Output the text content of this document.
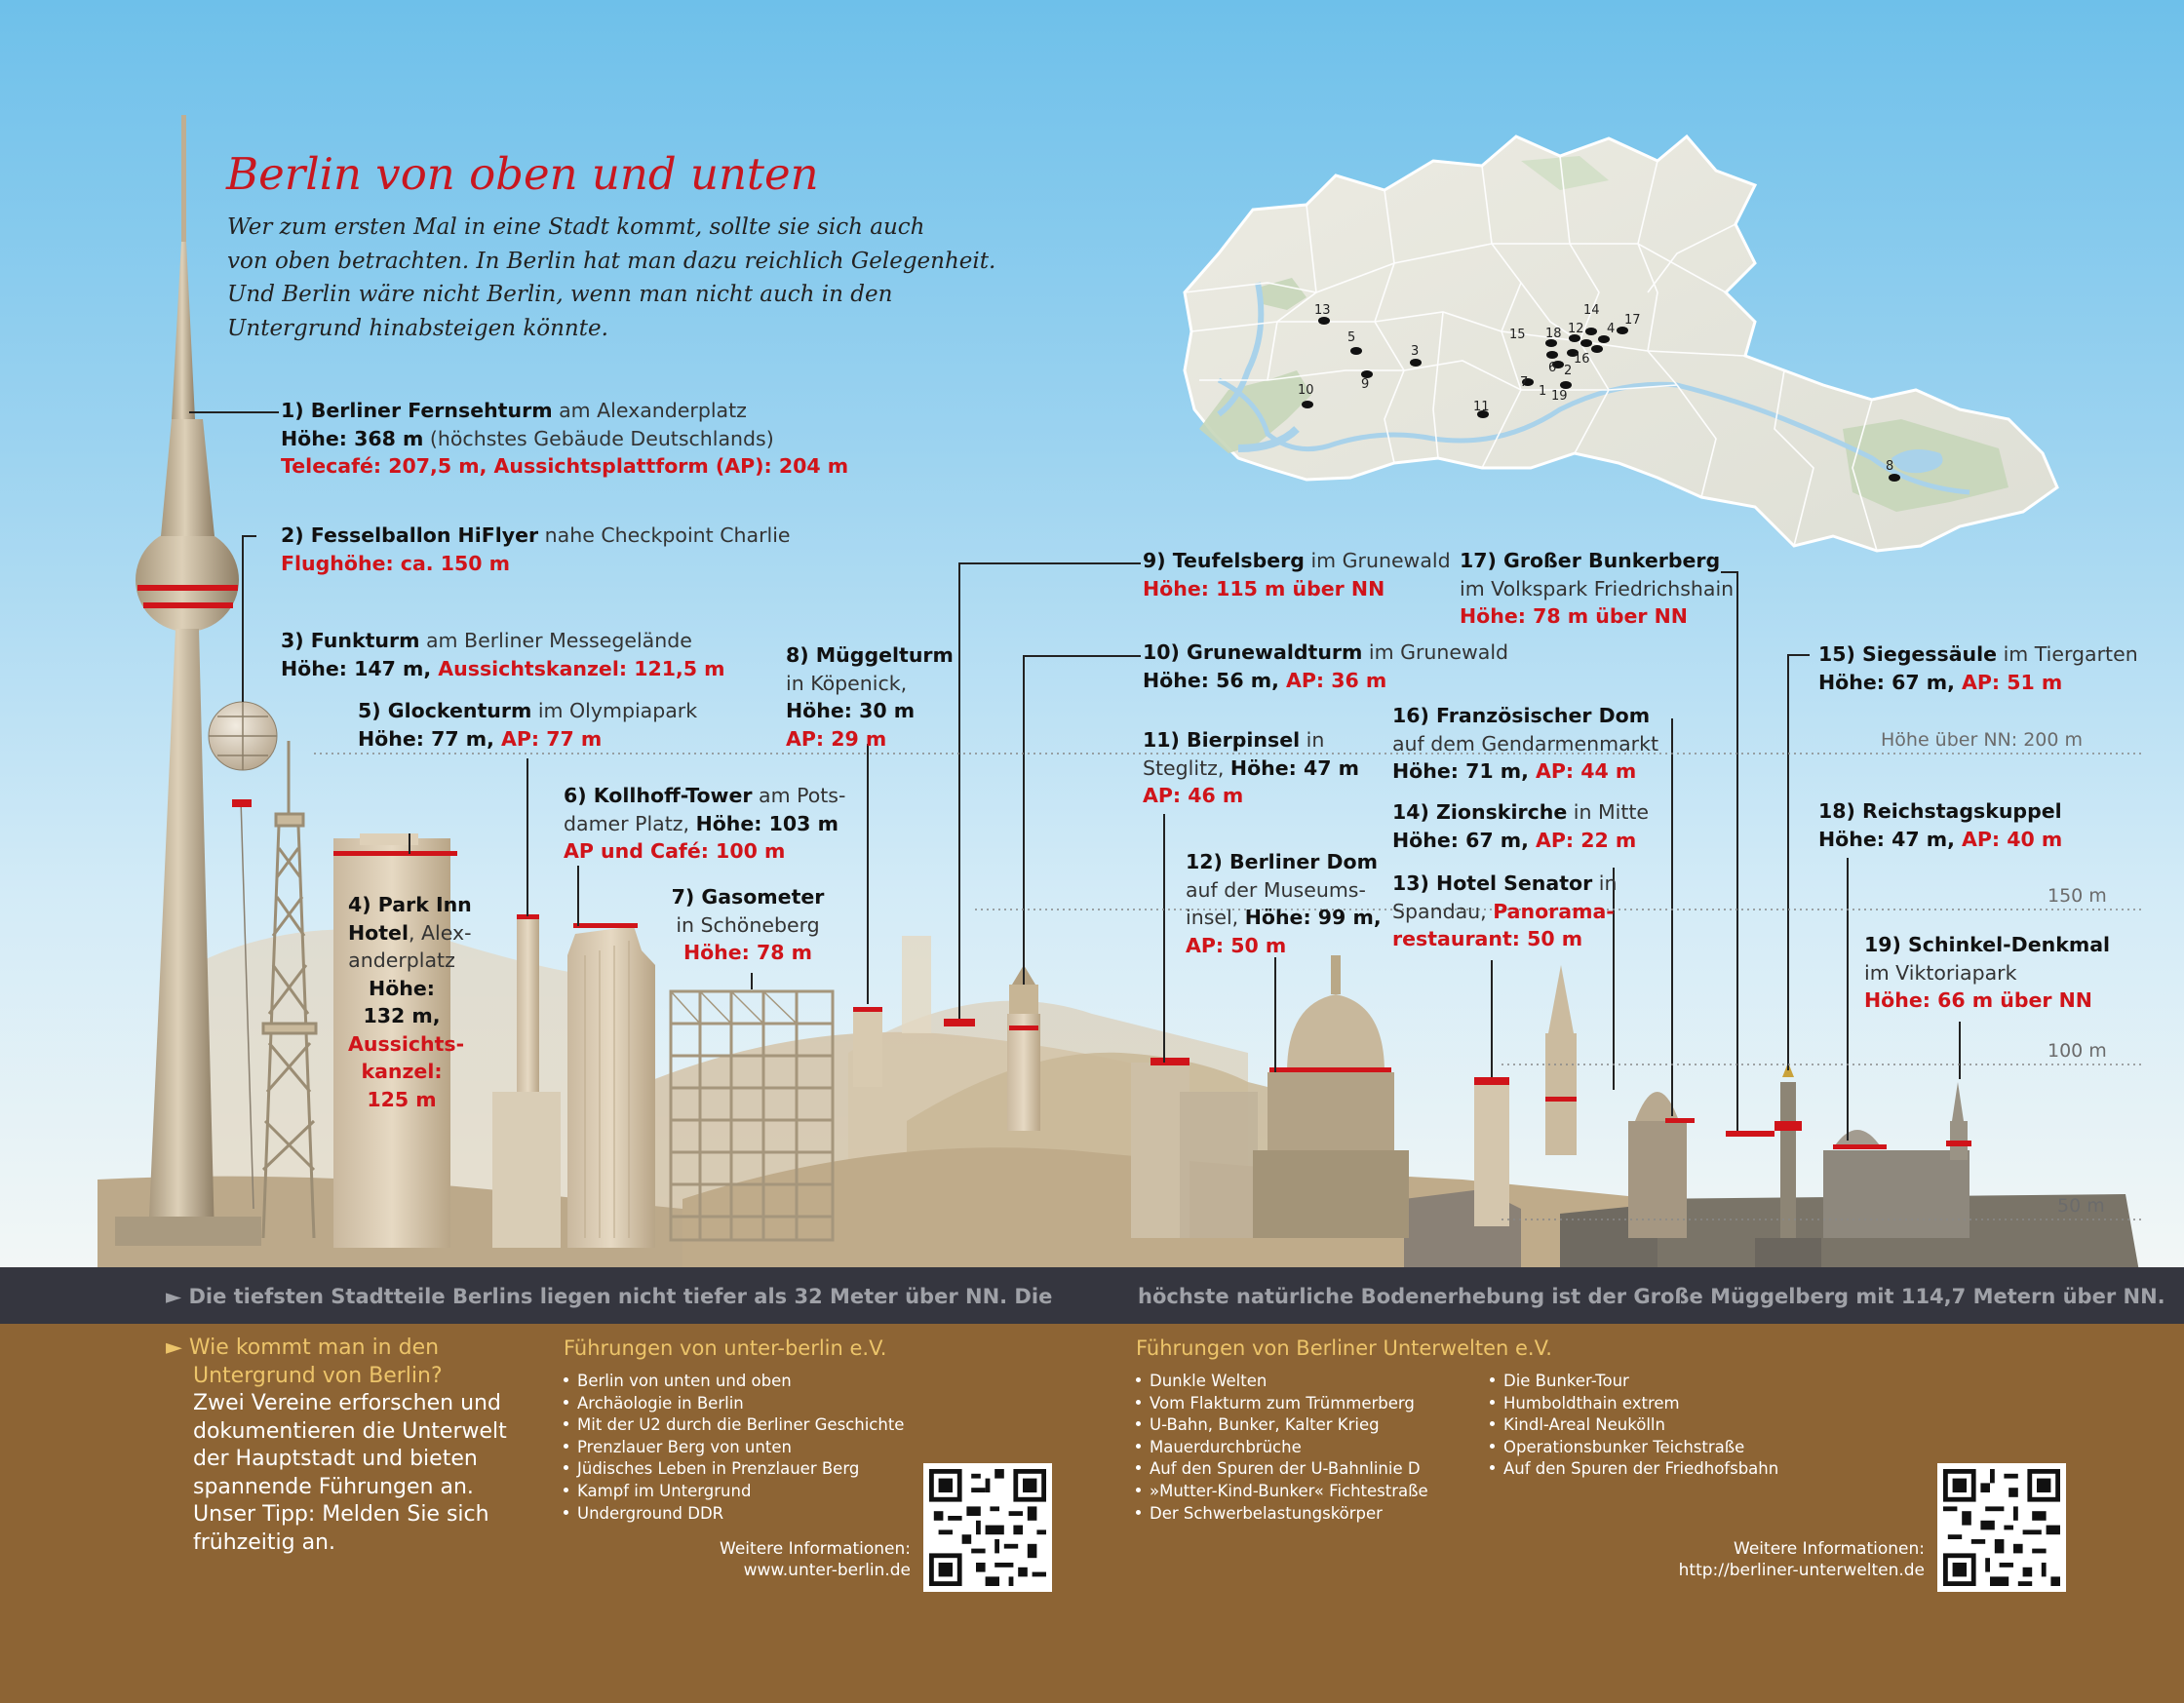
1
2
3
4
5
6
7
8
9
10
11
12
13	14
15
16
17
18
19
Höhe über NN: 200 m
150 m
100 m
50 m
Berlin von oben und unten
Wer zum ersten Mal in eine Stadt kommt, sollte sie sich auch
von oben betrachten. In Berlin hat man dazu reichlich Gelegenheit.
Und Berlin wäre nicht Berlin, wenn man nicht auch in den
Untergrund hinabsteigen könnte.
1) Berliner Fernsehturm am Alexanderplatz
Höhe: 368 m (höchstes Gebäude Deutschlands)
Telecafé: 207,5 m, Aussichtsplattform (AP): 204 m
2) Fesselballon HiFlyer nahe Checkpoint Charlie
Flughöhe: ca. 150 m
3) Funkturm am Berliner Messegelände
Höhe: 147 m, Aussichtskanzel: 121,5 m
4) Park Inn
Hotel, Alex-
anderplatz
Höhe:
132 m,
Aussichts-
kanzel:
125 m
5) Glockenturm im Olympiapark
Höhe: 77 m, AP: 77 m
6) Kollhoff-Tower am Pots-
damer Platz, Höhe: 103 m
AP und Café: 100 m
7) Gasometer
in Schöneberg
Höhe: 78 m
8) Müggelturm
in Köpenick,
Höhe: 30 m
AP: 29 m
9) Teufelsberg im Grunewald
Höhe: 115 m über NN
10) Grunewaldturm im Grunewald
Höhe: 56 m, AP: 36 m
11) Bierpinsel in
Steglitz, Höhe: 47 m
AP: 46 m
12) Berliner Dom
auf der Museums-
insel, Höhe: 99 m,
AP: 50 m
13) Hotel Senator in
Spandau, Panorama-
restaurant: 50 m
14) Zionskirche in Mitte
Höhe: 67 m, AP: 22 m
15) Siegessäule im Tiergarten
Höhe: 67 m, AP: 51 m
16) Französischer Dom
auf dem Gendarmenmarkt
Höhe: 71 m, AP: 44 m
17) Großer Bunkerberg
im Volkspark Friedrichshain
Höhe: 78 m über NN
18) Reichstagskuppel
Höhe: 47 m, AP: 40 m
19) Schinkel-Denkmal
im Viktoriapark
Höhe: 66 m über NN
► Die tiefsten Stadtteile Berlins liegen nicht tiefer als 32 Meter über NN. Die	höchste natürliche Bodenerhebung ist der Große Müggelberg mit 114,7 Metern über NN.
► Wie kommt man in den
Untergrund von Berlin?
Zwei Vereine erforschen und
dokumentieren die Unterwelt
der Hauptstadt und bieten
spannende Führungen an.
Unser Tipp: Melden Sie sich
frühzeitig an.
Führungen von unter-berlin e.V.
Berlin von unten und oben
Archäologie in Berlin
Mit der U2 durch die Berliner Geschichte
Prenzlauer Berg von unten
Jüdisches Leben in Prenzlauer Berg
Kampf im Untergrund
Underground DDR
Weitere Informationen:
www.unter-berlin.de
Führungen von Berliner Unterwelten e.V.
Dunkle Welten
Vom Flakturm zum Trümmerberg
U-Bahn, Bunker, Kalter Krieg
Mauerdurchbrüche
Auf den Spuren der U-Bahnlinie D
»Mutter-Kind-Bunker« Fichtestraße
Der Schwerbelastungskörper
Die Bunker-Tour
Humboldthain extrem
Kindl-Areal Neukölln
Operationsbunker Teichstraße
Auf den Spuren der Friedhofsbahn
Weitere Informationen:
http://berliner-unterwelten.de
